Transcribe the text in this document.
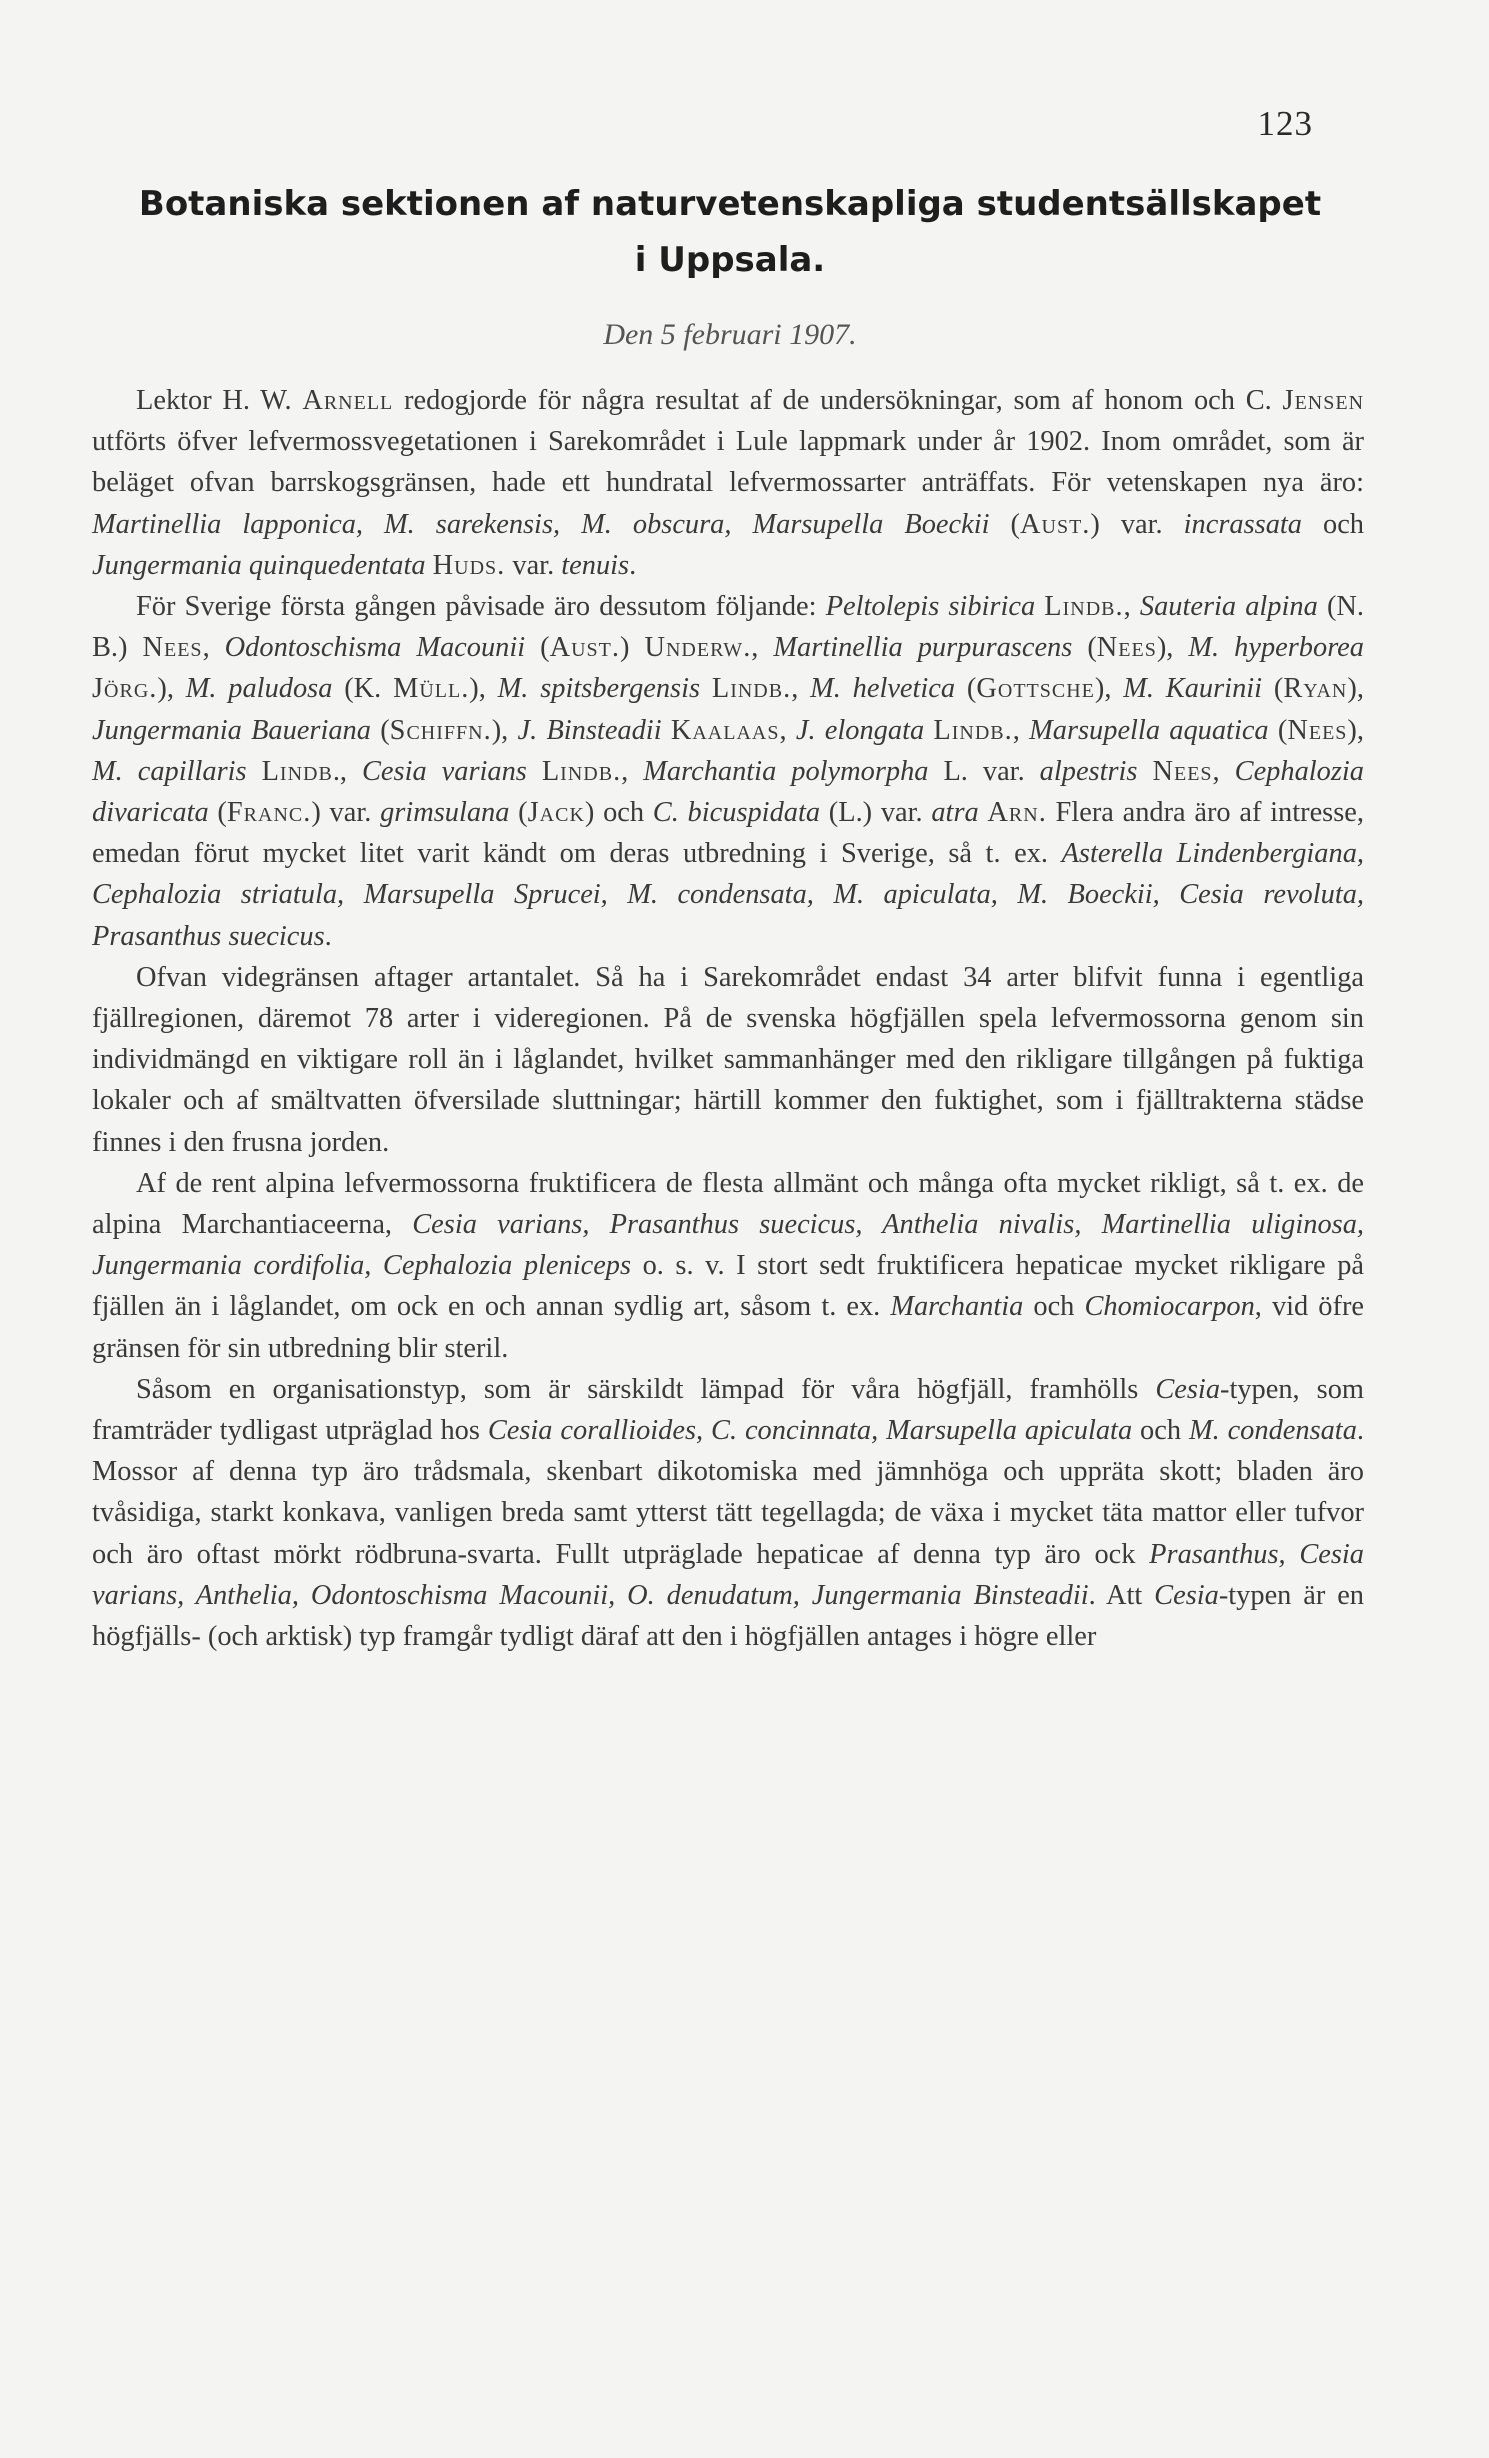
123
Botaniska sektionen af naturvetenskapliga studentsällskapet
i Uppsala.
Den 5 februari 1907.

Lektor H. W. Arnell redogjorde för några resultat af de undersökningar, som af honom och C. Jensen utförts öfver lefvermossvegetationen i Sarekområdet i Lule lappmark under år 1902. Inom området, som är beläget ofvan barrskogsgränsen, hade ett hundratal lefvermossarter anträffats. För vetenskapen nya äro: Martinellia lapponica, M. sarekensis, M. obscura, Marsupella Boeckii (Aust.) var. incrassata och Jungermania quinquedentata Huds. var. tenuis.

För Sverige första gången påvisade äro dessutom följande: Peltolepis sibirica Lindb., Sauteria alpina (N. B.) Nees, Odontoschisma Macounii (Aust.) Underw., Martinellia purpurascens (Nees), M. hyperborea Jörg.), M. paludosa (K. Müll.), M. spitsbergensis Lindb., M. helvetica (Gottsche), M. Kaurinii (Ryan), Jungermania Baueriana (Schiffn.), J. Binsteadii Kaalaas, J. elongata Lindb., Marsupella aquatica (Nees), M. capillaris Lindb., Cesia varians Lindb., Marchantia polymorpha L. var. alpestris Nees, Cephalozia divaricata (Franc.) var. grimsulana (Jack) och C. bicuspidata (L.) var. atra Arn. Flera andra äro af intresse, emedan förut mycket litet varit kändt om deras utbredning i Sverige, så t. ex. Asterella Lindenbergiana, Cephalozia striatula, Marsupella Sprucei, M. condensata, M. apiculata, M. Boeckii, Cesia revoluta, Prasanthus suecicus.

Ofvan videgränsen aftager artantalet. Så ha i Sarekområdet endast 34 arter blifvit funna i egentliga fjällregionen, däremot 78 arter i videregionen. På de svenska högfjällen spela lefvermossorna genom sin individmängd en viktigare roll än i låglandet, hvilket sammanhänger med den rikligare tillgången på fuktiga lokaler och af smältvatten öfversilade sluttningar; härtill kommer den fuktighet, som i fjälltrakterna städse finnes i den frusna jorden.

Af de rent alpina lefvermossorna fruktificera de flesta allmänt och många ofta mycket rikligt, så t. ex. de alpina Marchantiaceerna, Cesia varians, Prasanthus suecicus, Anthelia nivalis, Martinellia uliginosa, Jungermania cordifolia, Cephalozia pleniceps o. s. v. I stort sedt fruktificera hepaticae mycket rikligare på fjällen än i låglandet, om ock en och annan sydlig art, såsom t. ex. Marchantia och Chomiocarpon, vid öfre gränsen för sin utbredning blir steril.

Såsom en organisationstyp, som är särskildt lämpad för våra högfjäll, framhölls Cesia-typen, som framträder tydligast utpräglad hos Cesia corallioides, C. concinnata, Marsupella apiculata och M. condensata. Mossor af denna typ äro trådsmala, skenbart dikotomiska med jämnhöga och uppräta skott; bladen äro tvåsidiga, starkt konkava, vanligen breda samt ytterst tätt tegellagda; de växa i mycket täta mattor eller tufvor och äro oftast mörkt rödbruna-svarta. Fullt utpräglade hepaticae af denna typ äro ock Prasanthus, Cesia varians, Anthelia, Odontoschisma Macounii, O. denudatum, Jungermania Binsteadii. Att Cesia-typen är en högfjälls- (och arktisk) typ framgår tydligt däraf att den i högfjällen antages i högre eller
